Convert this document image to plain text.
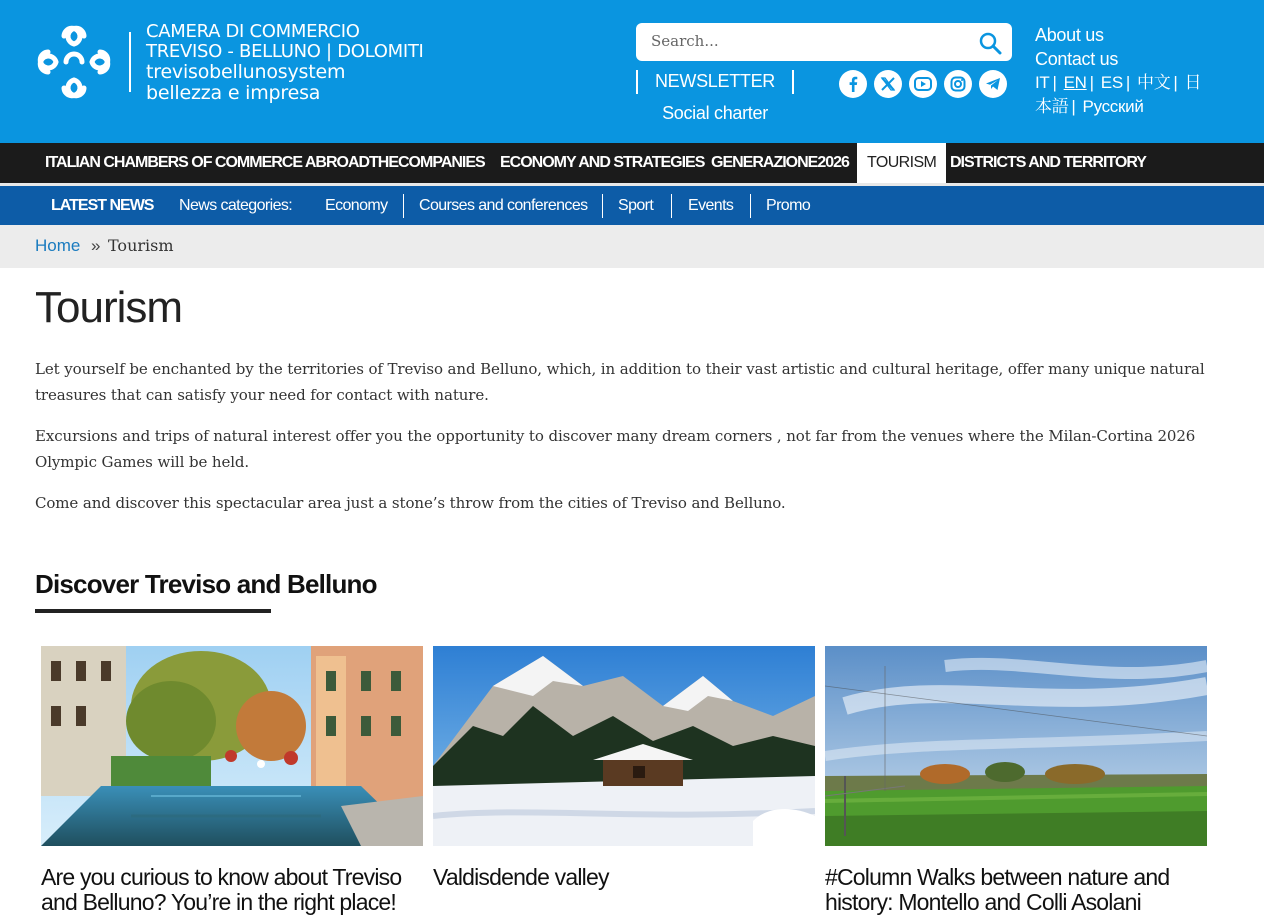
CAMERA DI COMMERCIO
TREVISO - BELLUNO | DOLOMITI
trevisobellunosystem
bellezza e impresa
Search...
NEWSLETTER
Social charter
About us
Contact us
IT | EN | ES | 中文 | 日本語 | Русский
ITALIAN CHAMBERS OF COMMERCE ABROAD THECOMPANIES ECONOMY AND STRATEGIES GENERAZIONE2026	TOURISM DISTRICTS AND TERRITORY
LATEST NEWS News categories: Economy Courses and conferences Sport Events Promo
Home » Tourism
Tourism

Let yourself be enchanted by the territories of Treviso and Belluno, which, in addition to their vast artistic and cultural heritage, offer many unique natural treasures that can satisfy your need for contact with nature.

Excursions and trips of natural interest offer you the opportunity to discover many dream corners , not far from the venues where the Milan-Cortina 2026 Olympic Games will be held.

Come and discover this spectacular area just a stone’s throw from the cities of Treviso and Belluno.

Discover Treviso and Belluno
Are you curious to know about Treviso and Belluno? You’re in the right place!
Valdisdende valley	#Column Walks between nature and history: Montello and Colli Asolani
